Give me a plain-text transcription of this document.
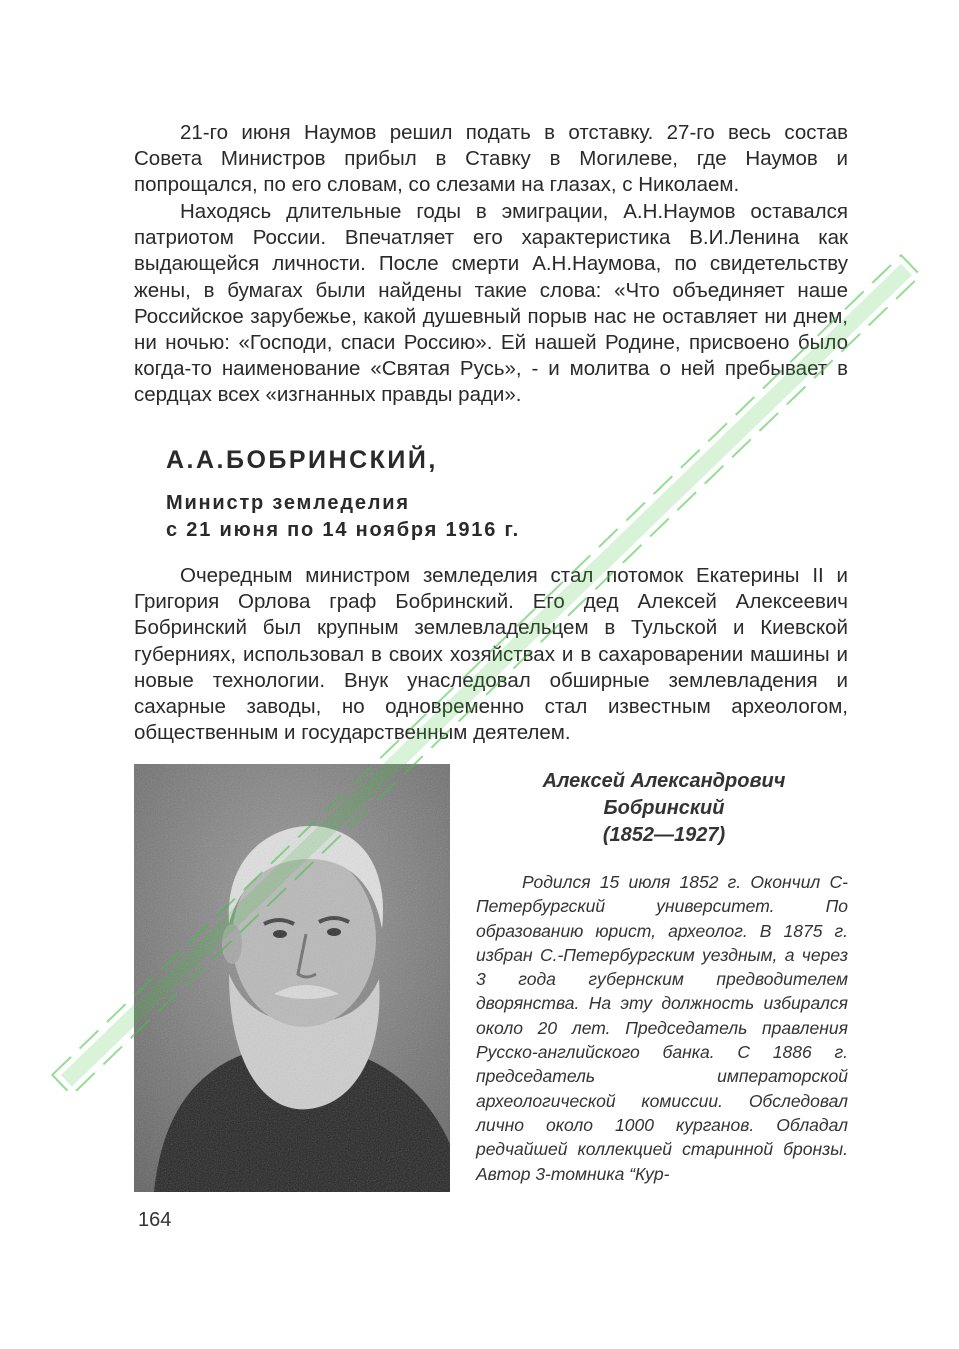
21-го июня Наумов решил подать в отставку. 27-го весь состав Совета Министров прибыл в Ставку в Могилеве, где Наумов и попрощался, по его словам, со слезами на глазах, с Николаем.

Находясь длительные годы в эмиграции, А.Н.Наумов оставался патриотом России. Впечатляет его характеристика В.И.Ленина как выдающейся личности. После смерти А.Н.Наумова, по свидетельству жены, в бумагах были найдены такие слова: «Что объединяет наше Российское зарубежье, какой душевный порыв нас не оставляет ни днем, ни ночью: «Господи, спаси Россию». Ей нашей Родине, присвоено было когда-то наименование «Святая Русь», - и молитва о ней пребывает в сердцах всех «изгнанных правды ради».

А.А.БОБРИНСКИЙ,
Министр земледелия
с 21 июня по 14 ноября 1916 г.

Очередным министром земледелия стал потомок Екатерины II и Григория Орлова граф Бобринский. Его дед Алексей Алексеевич Бобринский был крупным землевладельцем в Тульской и Киевской губерниях, использовал в своих хозяйствах и в сахароварении машины и новые технологии. Внук унаследовал обширные землевладения и сахарные заводы, но одновременно стал известным археологом, общественным и государственным деятелем.

Алексей Александрович
Бобринский
(1852—1927)

Родился 15 июля 1852 г. Окончил С-Петербургский университет. По образованию юрист, археолог. В 1875 г. избран С.-Петербургским уездным, а через 3 года губернским предводителем дворянства. На эту должность избирался около 20 лет. Председатель правления Русско-английского банка. С 1886 г. председатель императорской археологической комиссии. Обследовал лично около 1000 курганов. Обладал редчайшей коллекцией старинной бронзы. Автор 3-томника “Кур-

164
